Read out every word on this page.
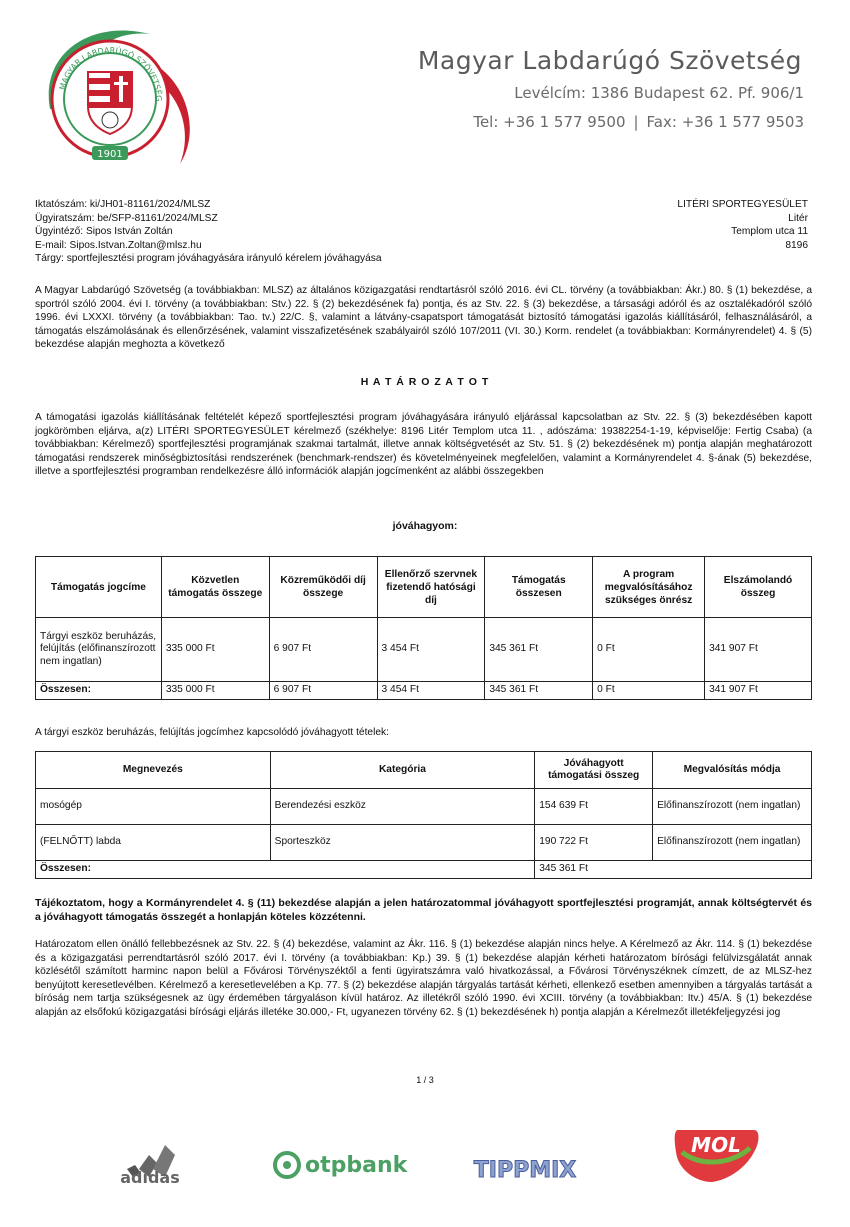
MAGYAR LABDARÚGÓ SZÖVETSÉG
1901
Magyar Labdarúgó Szövetség
Levélcím: 1386 Budapest 62. Pf. 906/1
Tel: +36 1 577 9500 | Fax: +36 1 577 9503
Iktatószám: ki/JH01-81161/2024/MLSZ
Ügyiratszám: be/SFP-81161/2024/MLSZ
Ügyintéző: Sipos István Zoltán
E-mail: Sipos.Istvan.Zoltan@mlsz.hu
Tárgy: sportfejlesztési program jóváhagyására irányuló kérelem jóváhagyása
LITÉRI SPORTEGYESÜLET
Litér
Templom utca 11
8196
A Magyar Labdarúgó Szövetség (a továbbiakban: MLSZ) az általános közigazgatási rendtartásról szóló 2016. évi CL. törvény (a továbbiakban: Ákr.) 80. § (1) bekezdése, a sportról szóló 2004. évi I. törvény (a továbbiakban: Stv.) 22. § (2) bekezdésének fa) pontja, és az Stv. 22. § (3) bekezdése, a társasági adóról és az osztalékadóról szóló 1996. évi LXXXI. törvény (a továbbiakban: Tao. tv.) 22/C. §, valamint a látvány-csapatsport támogatását biztosító támogatási igazolás kiállításáról, felhasználásáról, a támogatás elszámolásának és ellenőrzésének, valamint visszafizetésének szabályairól szóló 107/2011 (VI. 30.) Korm. rendelet (a továbbiakban: Kormányrendelet) 4. § (5) bekezdése alapján meghozta a következő
H A T Á R O Z A T O T
A támogatási igazolás kiállításának feltételét képező sportfejlesztési program jóváhagyására irányuló eljárással kapcsolatban az Stv. 22. § (3) bekezdésében kapott jogkörömben eljárva, a(z) LITÉRI SPORTEGYESÜLET kérelmező (székhelye: 8196 Litér Templom utca 11. , adószáma: 19382254-1-19, képviselője: Fertig Csaba) (a továbbiakban: Kérelmező) sportfejlesztési programjának szakmai tartalmát, illetve annak költségvetését az Stv. 51. § (2) bekezdésének m) pontja alapján meghatározott támogatási rendszerek minőségbiztosítási rendszerének (benchmark-rendszer) és követelményeinek megfelelően, valamint a Kormányrendelet 4. §-ának (5) bekezdése, illetve a sportfejlesztési programban rendelkezésre álló információk alapján jogcímenként az alábbi összegekben
jóváhagyom:
Támogatás jogcíme	Közvetlen támogatás összege	Közreműködői díj összege	Ellenőrző szervnek fizetendő hatósági díj	Támogatás összesen	A program megvalósításához szükséges önrész	Elszámolandó összeg
Tárgyi eszköz beruházás, felújítás (előfinanszírozott nem ingatlan)	335 000 Ft	6 907 Ft	3 454 Ft	345 361 Ft	0 Ft	341 907 Ft
Összesen:	335 000 Ft	6 907 Ft	3 454 Ft	345 361 Ft	0 Ft	341 907 Ft
A tárgyi eszköz beruházás, felújítás jogcímhez kapcsolódó jóváhagyott tételek:
Megnevezés	Kategória	Jóváhagyott támogatási összeg	Megvalósítás módja
mosógép	Berendezési eszköz	154 639 Ft	Előfinanszírozott (nem ingatlan)
(FELNŐTT) labda	Sporteszköz	190 722 Ft	Előfinanszírozott (nem ingatlan)
Összesen:		345 361 Ft	
Tájékoztatom, hogy a Kormányrendelet 4. § (11) bekezdése alapján a jelen határozatommal jóváhagyott sportfejlesztési programját, annak költségtervét és a jóváhagyott támogatás összegét a honlapján köteles közzétenni.
Határozatom ellen önálló fellebbezésnek az Stv. 22. § (4) bekezdése, valamint az Ákr. 116. § (1) bekezdése alapján nincs helye. A Kérelmező az Ákr. 114. § (1) bekezdése és a közigazgatási perrendtartásról szóló 2017. évi I. törvény (a továbbiakban: Kp.) 39. § (1) bekezdése alapján kérheti határozatom bírósági felülvizsgálatát annak közlésétől számított harminc napon belül a Fővárosi Törvényszéktől a fenti ügyiratszámra való hivatkozással, a Fővárosi Törvényszéknek címzett, de az MLSZ-hez benyújtott keresetlevélben. Kérelmező a keresetlevelében a Kp. 77. § (2) bekezdése alapján tárgyalás tartását kérheti, ellenkező esetben amennyiben a tárgyalás tartását a bíróság nem tartja szükségesnek az ügy érdemében tárgyaláson kívül határoz. Az illetékről szóló 1990. évi XCIII. törvény (a továbbiakban: Itv.) 45/A. § (1) bekezdése alapján az elsőfokú közigazgatási bírósági eljárás illetéke 30.000,- Ft, ugyanezen törvény 62. § (1) bekezdésének h) pontja alapján a Kérelmezőt illetékfeljegyzési jog
1 / 3
adidas	otpbank	TIPPMIX
MOL
